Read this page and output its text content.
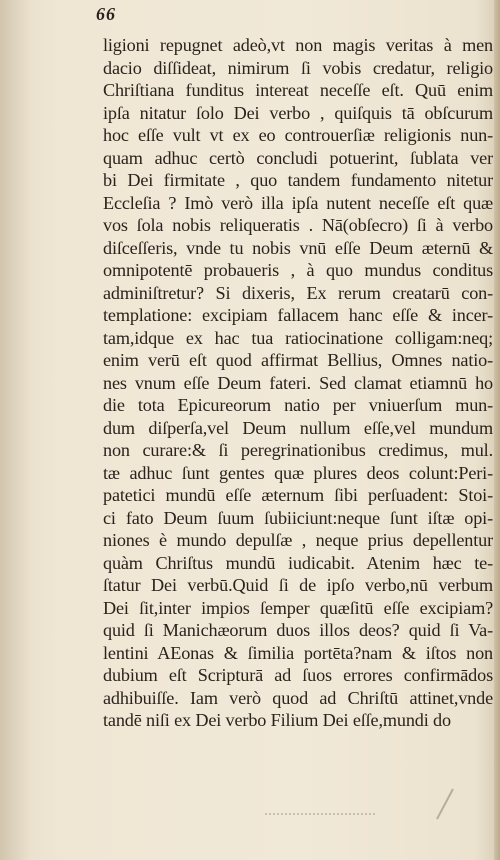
66
ligioni repugnet adeò,vt non magis veritas à men
dacio diſſideat, nimirum ſi vobis credatur, religio
Chriſtiana funditus intereat neceſſe eſt. Quū enim
ipſa nitatur ſolo Dei verbo , quiſquis tā obſcurum
hoc eſſe vult vt ex eo controuerſiæ religionis nun-
quam adhuc certò concludi potuerint, ſublata ver
bi Dei firmitate , quo tandem fundamento nitetur
Eccleſia ? Imò verò illa ipſa nutent neceſſe eſt quæ
vos ſola nobis reliqueratis . Nā(obſecro) ſi à verbo
diſceſſeris, vnde tu nobis vnū eſſe Deum æternū &
omnipotentē probaueris , à quo mundus conditus
adminiſtretur? Si dixeris, Ex rerum creatarū con-
templatione: excipiam fallacem hanc eſſe & incer-
tam,idque ex hac tua ratiocinatione colligam:neq;
enim verū eſt quod affirmat Bellius, Omnes natio-
nes vnum eſſe Deum fateri. Sed clamat etiamnū ho
die tota Epicureorum natio per vniuerſum mun-
dum diſperſa,vel Deum nullum eſſe,vel mundum
non curare:& ſi peregrinationibus credimus, mul.
tæ adhuc ſunt gentes quæ plures deos colunt:Peri-
patetici mundū eſſe æternum ſibi perſuadent: Stoi-
ci fato Deum ſuum ſubiiciunt:neque ſunt iſtæ opi-
niones è mundo depulſæ , neque prius depellentur
quàm Chriſtus mundū iudicabit. Atenim hæc te-
ſtatur Dei verbū.Quid ſi de ipſo verbo,nū verbum
Dei ſit,inter impios ſemper quæſitū eſſe excipiam?
quid ſi Manichæorum duos illos deos? quid ſi Va-
lentini AEonas & ſimilia portēta?nam & iſtos non
dubium eſt Scripturā ad ſuos errores confirmādos
adhibuiſſe. Iam verò quod ad Chriſtū attinet,vnde
tandē niſi ex Dei verbo Filium Dei eſſe,mundi do
